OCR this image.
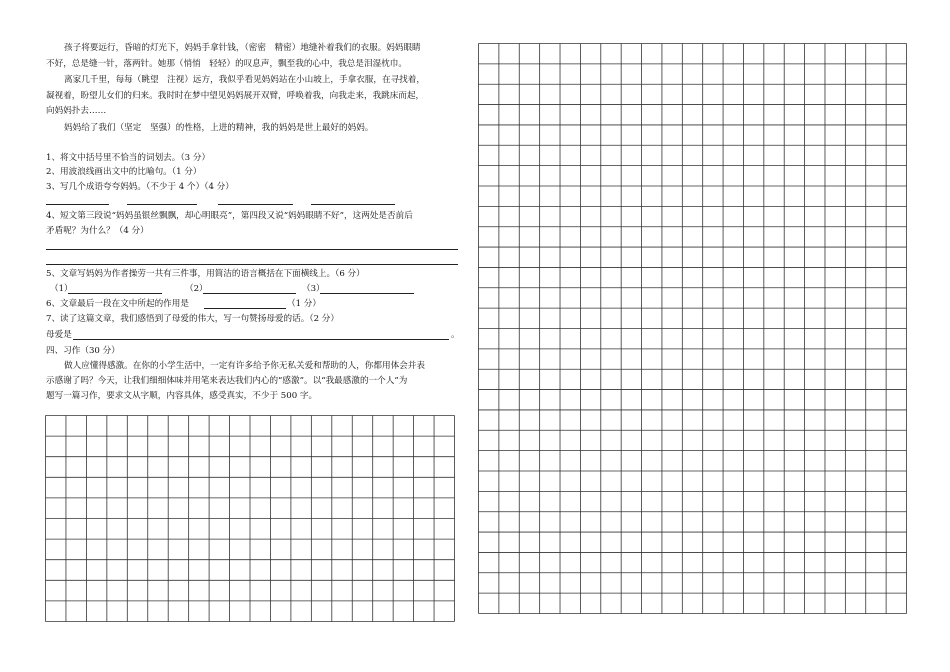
孩子将要远行，昏暗的灯光下，妈妈手拿针钱，（密密　精密）地缝补着我们的衣服。妈妈眼睛
不好，总是缝一针，落两针。她那（悄悄　轻轻）的叹息声，飘至我的心中，我总是泪湿枕巾。
离家几千里，每每（眺望　注视）远方，我似乎看见妈妈站在小山坡上，手拿衣服，在寻找着，
凝视着，盼望儿女们的归来。我时时在梦中望见妈妈展开双臂，呼唤着我，向我走来，我跳床而起，
向妈妈扑去……
妈妈给了我们（坚定　坚强）的性格，上进的精神，我的妈妈是世上最好的妈妈。
1、将文中括号里不恰当的词划去。（3 分）
2、用波浪线画出文中的比喻句。（1 分）
3、写几个成语夸夸妈妈。（不少于 4 个）（4 分）
4、短文第三段说“妈妈虽银丝飘飘，却心明眼亮”，第四段又说“妈妈眼睛不好”，这两处是否前后
矛盾呢？为什么？（4 分）
5、文章写妈妈为作者操劳一共有三件事，用简洁的语言概括在下面横线上。（6 分）
（1）	（2）	（3）
6、文章最后一段在文中所起的作用是	（1 分）
7、读了这篇文章，我们感悟到了母爱的伟大，写一句赞扬母爱的话。（2 分）
母爱是	。
四、习作（30 分）
做人应懂得感激。在你的小学生活中，一定有许多给予你无私关爱和帮助的人，你都用体会并表
示感谢了吗？今天，让我们细细体味并用笔来表达我们内心的“感激”。以“我最感激的一个人”为
题写一篇习作，要求文从字顺，内容具体，感受真实，不少于 500 字。
